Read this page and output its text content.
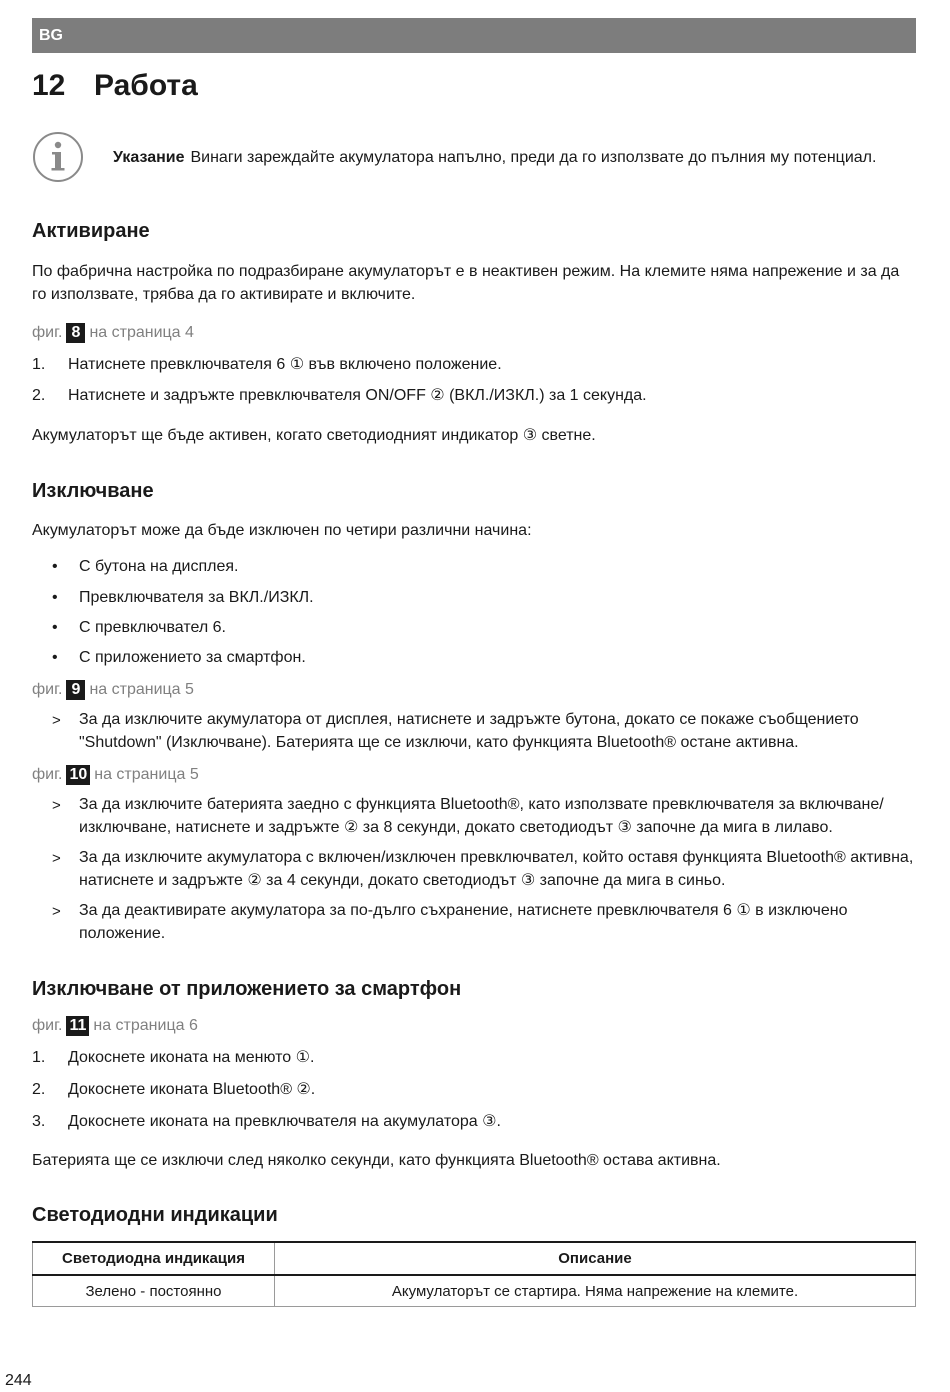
BG
12 Работа
Указание Винаги зареждайте акумулатора напълно, преди да го използвате до пълния му потенциал.
Активиране

По фабрична настройка по подразбиране акумулаторът е в неактивен режим. На клемите няма напрежение и за да го използвате, трябва да го активирате и включите.

фиг. 8 на страница 4
1. Натиснете превключвателя 6 ① във включено положение.
2. Натиснете и задръжте превключвателя ON/OFF ② (ВКЛ./ИЗКЛ.) за 1 секунда.

Акумулаторът ще бъде активен, когато светодиодният индикатор ③ светне.

Изключване

Акумулаторът може да бъде изключен по четири различни начина:

• С бутона на дисплея.
• Превключвателя за ВКЛ./ИЗКЛ.
• С превключвател 6.
• С приложението за смартфон.
фиг. 9 на страница 5
> За да изключите акумулатора от дисплея, натиснете и задръжте бутона, докато се покаже съобщението "Shutdown" (Изключване). Батерията ще се изключи, като функцията Bluetooth® остане активна.
фиг. 10 на страница 5
> За да изключите батерията заедно с функцията Bluetooth®, като използвате превключвателя за включване/изключване, натиснете и задръжте ② за 8 секунди, докато светодиодът ③ започне да мига в лилаво.
> За да изключите акумулатора с включен/изключен превключвател, който оставя функцията Bluetooth® активна, натиснете и задръжте ② за 4 секунди, докато светодиодът ③ започне да мига в синьо.
> За да деактивирате акумулатора за по-дълго съхранение, натиснете превключвателя 6 ① в изключено положение.
Изключване от приложението за смартфон
фиг. 11 на страница 6
1. Докоснете иконата на менюто ①.
2. Докоснете иконата Bluetooth® ②.
3. Докоснете иконата на превключвателя на акумулатора ③.

Батерията ще се изключи след няколко секунди, като функцията Bluetooth® остава активна.

Светодиодни индикации
Светодиодна индикация	Описание
Зелено - постоянно	Акумулаторът се стартира. Няма напрежение на клемите.
244
